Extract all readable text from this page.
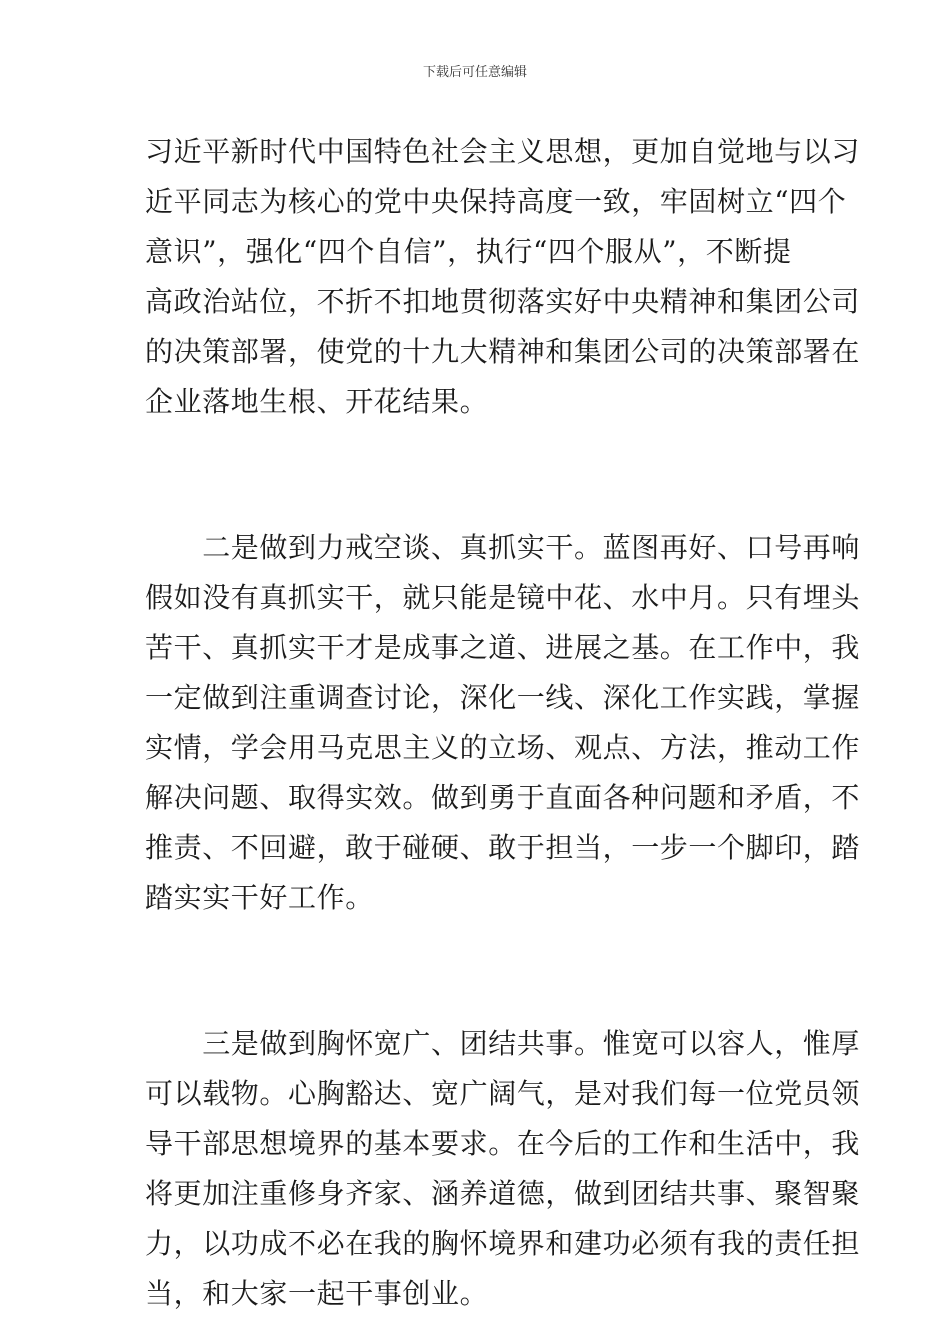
下载后可任意编辑

习近平新时代中国特色社会主义思想，更加自觉地与以习
近平同志为核心的党中央保持高度一致，牢固树立“四个
意识”，强化“四个自信”，执行“四个服从”，不断提
高政治站位，不折不扣地贯彻落实好中央精神和集团公司
的决策部署，使党的十九大精神和集团公司的决策部署在
企业落地生根、开花结果。

　　二是做到力戒空谈、真抓实干。蓝图再好、口号再响
假如没有真抓实干，就只能是镜中花、水中月。只有埋头
苦干、真抓实干才是成事之道、进展之基。在工作中，我
一定做到注重调查讨论，深化一线、深化工作实践，掌握
实情，学会用马克思主义的立场、观点、方法，推动工作
解决问题、取得实效。做到勇于直面各种问题和矛盾，不
推责、不回避，敢于碰硬、敢于担当，一步一个脚印，踏
踏实实干好工作。

　　三是做到胸怀宽广、团结共事。惟宽可以容人，惟厚
可以载物。心胸豁达、宽广阔气，是对我们每一位党员领
导干部思想境界的基本要求。在今后的工作和生活中，我
将更加注重修身齐家、涵养道德，做到团结共事、聚智聚
力，以功成不必在我的胸怀境界和建功必须有我的责任担
当，和大家一起干事创业。
